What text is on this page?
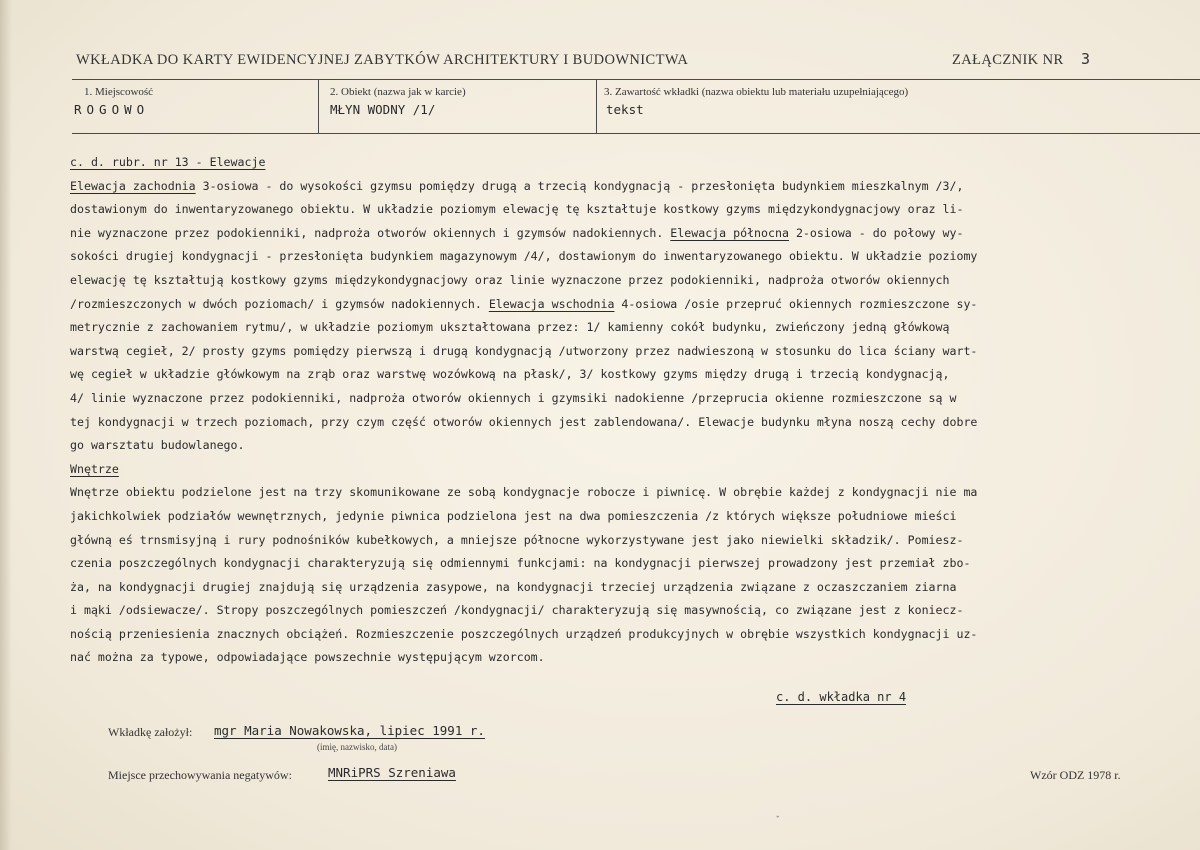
WKŁADKA DO KARTY EWIDENCYJNEJ ZABYTKÓW ARCHITEKTURY I BUDOWNICTWA	ZAŁĄCZNIK NR 3
1. Miejscowość
ROGOWO
2. Obiekt (nazwa jak w karcie)
MŁYN WODNY /1/
3. Zawartość wkładki (nazwa obiektu lub materiału uzupełniającego)
tekst
c. d. rubr. nr 13 - Elewacje
Elewacja zachodnia 3-osiowa - do wysokości gzymsu pomiędzy drugą a trzecią kondygnacją - przesłonięta budynkiem mieszkalnym /3/,
dostawionym do inwentaryzowanego obiektu. W układzie poziomym elewację tę kształtuje kostkowy gzyms międzykondygnacjowy oraz li-
nie wyznaczone przez podokienniki, nadproża otworów okiennych i gzymsów nadokiennych. Elewacja północna 2-osiowa - do połowy wy-
sokości drugiej kondygnacji - przesłonięta budynkiem magazynowym /4/, dostawionym do inwentaryzowanego obiektu. W układzie poziomy
elewację tę kształtują kostkowy gzyms międzykondygnacjowy oraz linie wyznaczone przez podokienniki, nadproża otworów okiennych
/rozmieszczonych w dwóch poziomach/ i gzymsów nadokiennych. Elewacja wschodnia 4-osiowa /osie przepruć okiennych rozmieszczone sy-
metrycznie z zachowaniem rytmu/, w układzie poziomym ukształtowana przez: 1/ kamienny cokół budynku, zwieńczony jedną główkową
warstwą cegieł, 2/ prosty gzyms pomiędzy pierwszą i drugą kondygnacją /utworzony przez nadwieszoną w stosunku do lica ściany wart-
wę cegieł w układzie główkowym na zrąb oraz warstwę wozówkową na płask/, 3/ kostkowy gzyms między drugą i trzecią kondygnacją,
4/ linie wyznaczone przez podokienniki, nadproża otworów okiennych i gzymsiki nadokienne /przeprucia okienne rozmieszczone są w
tej kondygnacji w trzech poziomach, przy czym część otworów okiennych jest zablendowana/. Elewacje budynku młyna noszą cechy dobre
go warsztatu budowlanego.
Wnętrze
Wnętrze obiektu podzielone jest na trzy skomunikowane ze sobą kondygnacje robocze i piwnicę. W obrębie każdej z kondygnacji nie ma
jakichkolwiek podziałów wewnętrznych, jedynie piwnica podzielona jest na dwa pomieszczenia /z których większe południowe mieści
główną eś trnsmisyjną i rury podnośników kubełkowych, a mniejsze północne wykorzystywane jest jako niewielki składzik/. Pomiesz-
czenia poszczególnych kondygnacji charakteryzują się odmiennymi funkcjami: na kondygnacji pierwszej prowadzony jest przemiał zbo-
ża, na kondygnacji drugiej znajdują się urządzenia zasypowe, na kondygnacji trzeciej urządzenia związane z oczaszczaniem ziarna
i mąki /odsiewacze/. Stropy poszczególnych pomieszczeń /kondygnacji/ charakteryzują się masywnością, co związane jest z koniecz-
nością przeniesienia znacznych obciążeń. Rozmieszczenie poszczególnych urządzeń produkcyjnych w obrębie wszystkich kondygnacji uz-
nać można za typowe, odpowiadające powszechnie występującym wzorcom.
c. d. wkładka nr 4
Wkładkę założył: mgr Maria Nowakowska, lipiec 1991 r.
(imię, nazwisko, data)
Miejsce przechowywania negatywów:	MNRiPRS Szreniawa	Wzór ODZ 1978 r.
ˇ
